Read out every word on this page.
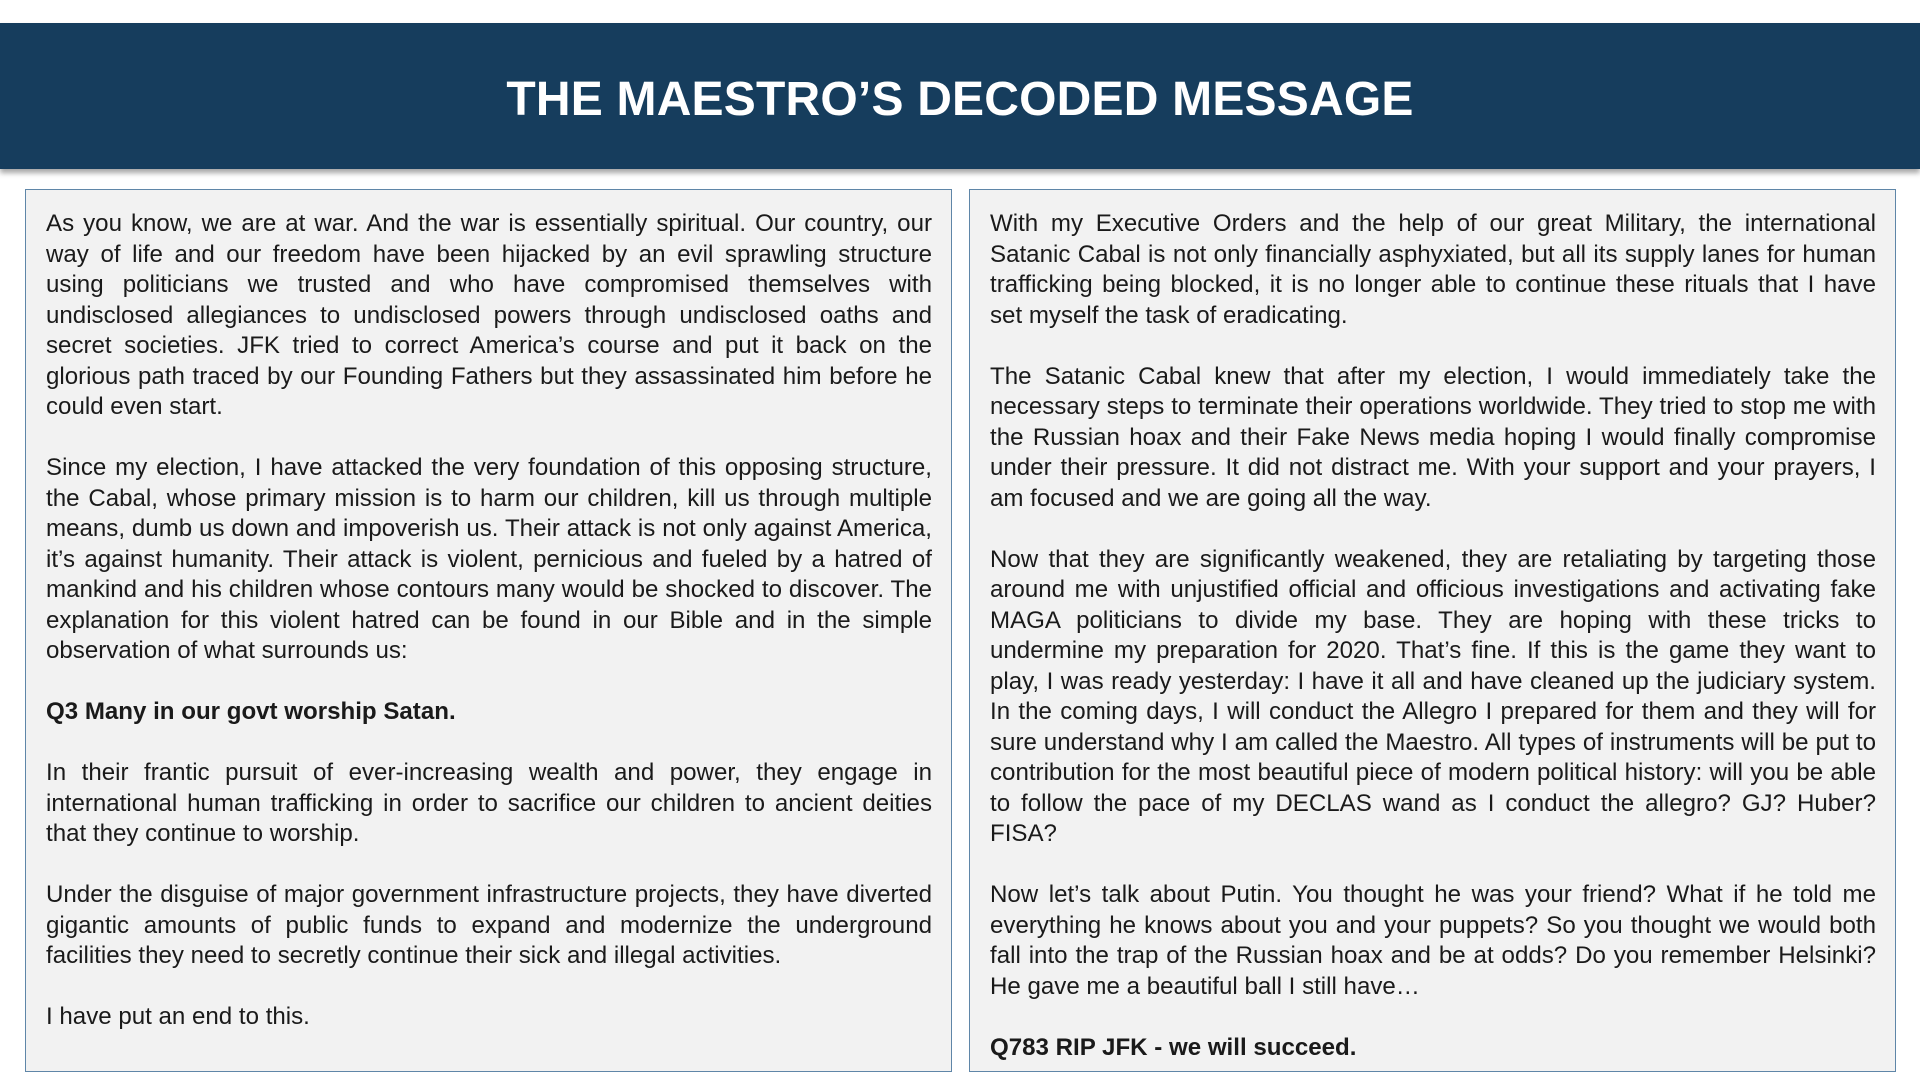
THE MAESTRO’S DECODED MESSAGE

As you know, we are at war. And the war is essentially spiritual. Our country, our way of life and our freedom have been hijacked by an evil sprawling structure using politicians we trusted and who have compromised themselves with undisclosed allegiances to undisclosed powers through undisclosed oaths and secret societies. JFK tried to correct America’s course and put it back on the glorious path traced by our Founding Fathers but they assassinated him before he could even start.

Since my election, I have attacked the very foundation of this opposing structure, the Cabal, whose primary mission is to harm our children, kill us through multiple means, dumb us down and impoverish us. Their attack is not only against America, it’s against humanity. Their attack is violent, pernicious and fueled by a hatred of mankind and his children whose contours many would be shocked to discover. The explanation for this violent hatred can be found in our Bible and in the simple observation of what surrounds us:

Q3 Many in our govt worship Satan.

In their frantic pursuit of ever-increasing wealth and power, they engage in international human trafficking in order to sacrifice our children to ancient deities that they continue to worship.

Under the disguise of major government infrastructure projects, they have diverted gigantic amounts of public funds to expand and modernize the underground facilities they need to secretly continue their sick and illegal activities.

I have put an end to this.

With my Executive Orders and the help of our great Military, the international Satanic Cabal is not only financially asphyxiated, but all its supply lanes for human trafficking being blocked, it is no longer able to continue these rituals that I have set myself the task of eradicating.

The Satanic Cabal knew that after my election, I would immediately take the necessary steps to terminate their operations worldwide. They tried to stop me with the Russian hoax and their Fake News media hoping I would finally compromise under their pressure. It did not distract me. With your support and your prayers, I am focused and we are going all the way.

Now that they are significantly weakened, they are retaliating by targeting those around me with unjustified official and officious investigations and activating fake MAGA politicians to divide my base. They are hoping with these tricks to undermine my preparation for 2020. That’s fine. If this is the game they want to play, I was ready yesterday: I have it all and have cleaned up the judiciary system. In the coming days, I will conduct the Allegro I prepared for them and they will for sure understand why I am called the Maestro. All types of instruments will be put to contribution for the most beautiful piece of modern political history: will you be able to follow the pace of my DECLAS wand as I conduct the allegro? GJ? Huber? FISA?

Now let’s talk about Putin. You thought he was your friend? What if he told me everything he knows about you and your puppets? So you thought we would both fall into the trap of the Russian hoax and be at odds? Do you remember Helsinki? He gave me a beautiful ball I still have…

Q783 RIP JFK - we will succeed.
